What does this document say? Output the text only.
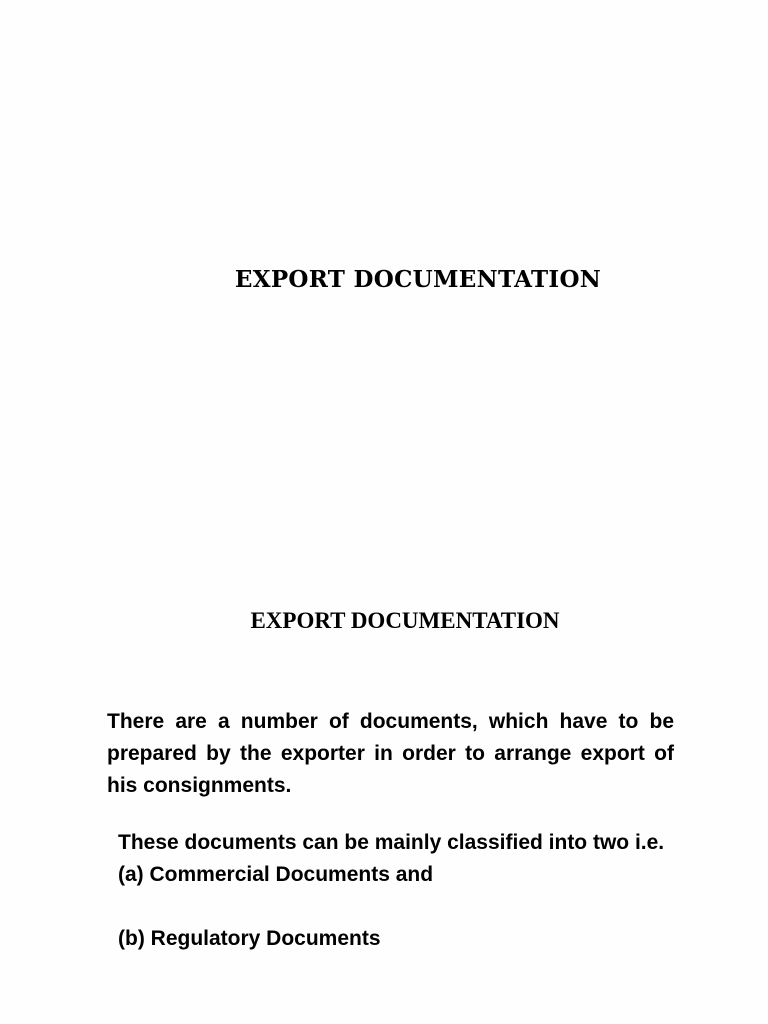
EXPORT DOCUMENTATION
EXPORT DOCUMENTATION

There are a number of documents, which have to be prepared by the exporter in order to arrange export of his consignments.

These documents can be mainly classified into two i.e.
(a) Commercial Documents and
(b) Regulatory Documents
